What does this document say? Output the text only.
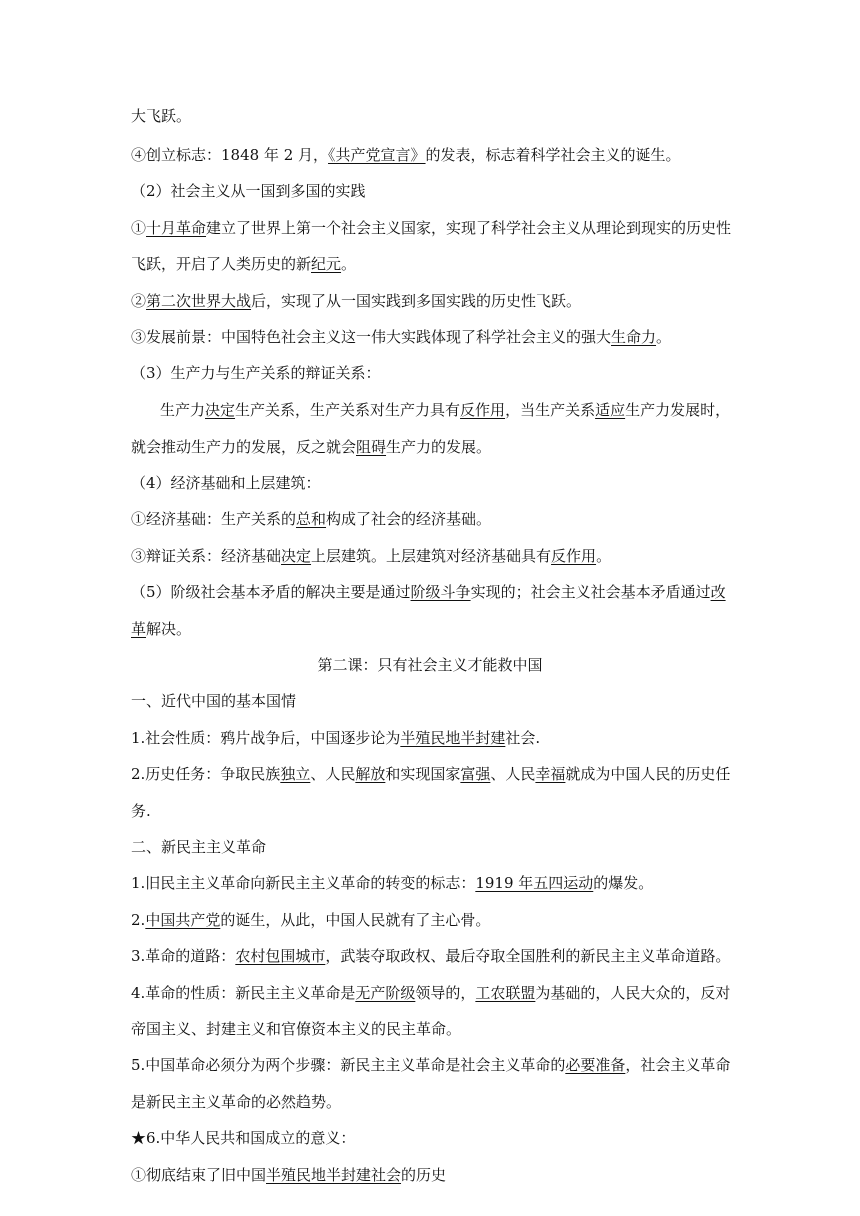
大飞跃。
④创立标志：1848 年 2 月，《共产党宣言》的发表，标志着科学社会主义的诞生。
（2）社会主义从一国到多国的实践
①十月革命建立了世界上第一个社会主义国家，实现了科学社会主义从理论到现实的历史性
飞跃，开启了人类历史的新纪元。
②第二次世界大战后，实现了从一国实践到多国实践的历史性飞跃。
③发展前景：中国特色社会主义这一伟大实践体现了科学社会主义的强大生命力。
（3）生产力与生产关系的辩证关系：
生产力决定生产关系，生产关系对生产力具有反作用，当生产关系适应生产力发展时，
就会推动生产力的发展，反之就会阻碍生产力的发展。
（4）经济基础和上层建筑：
①经济基础：生产关系的总和构成了社会的经济基础。
③辩证关系：经济基础决定上层建筑。上层建筑对经济基础具有反作用。
（5）阶级社会基本矛盾的解决主要是通过阶级斗争实现的；社会主义社会基本矛盾通过改
革解决。
第二课：只有社会主义才能救中国
一、近代中国的基本国情
1.社会性质：鸦片战争后，中国逐步论为半殖民地半封建社会.
2.历史任务：争取民族独立、人民解放和实现国家富强、人民幸福就成为中国人民的历史任
务.
二、新民主主义革命
1.旧民主主义革命向新民主主义革命的转变的标志：1919 年五四运动的爆发。
2.中国共产党的诞生，从此，中国人民就有了主心骨。
3.革命的道路：农村包围城市，武装夺取政权、最后夺取全国胜利的新民主主义革命道路。
4.革命的性质：新民主主义革命是无产阶级领导的，工农联盟为基础的，人民大众的，反对
帝国主义、封建主义和官僚资本主义的民主革命。
5.中国革命必须分为两个步骤：新民主主义革命是社会主义革命的必要准备，社会主义革命
是新民主主义革命的必然趋势。
★6.中华人民共和国成立的意义：
①彻底结束了旧中国半殖民地半封建社会的历史
